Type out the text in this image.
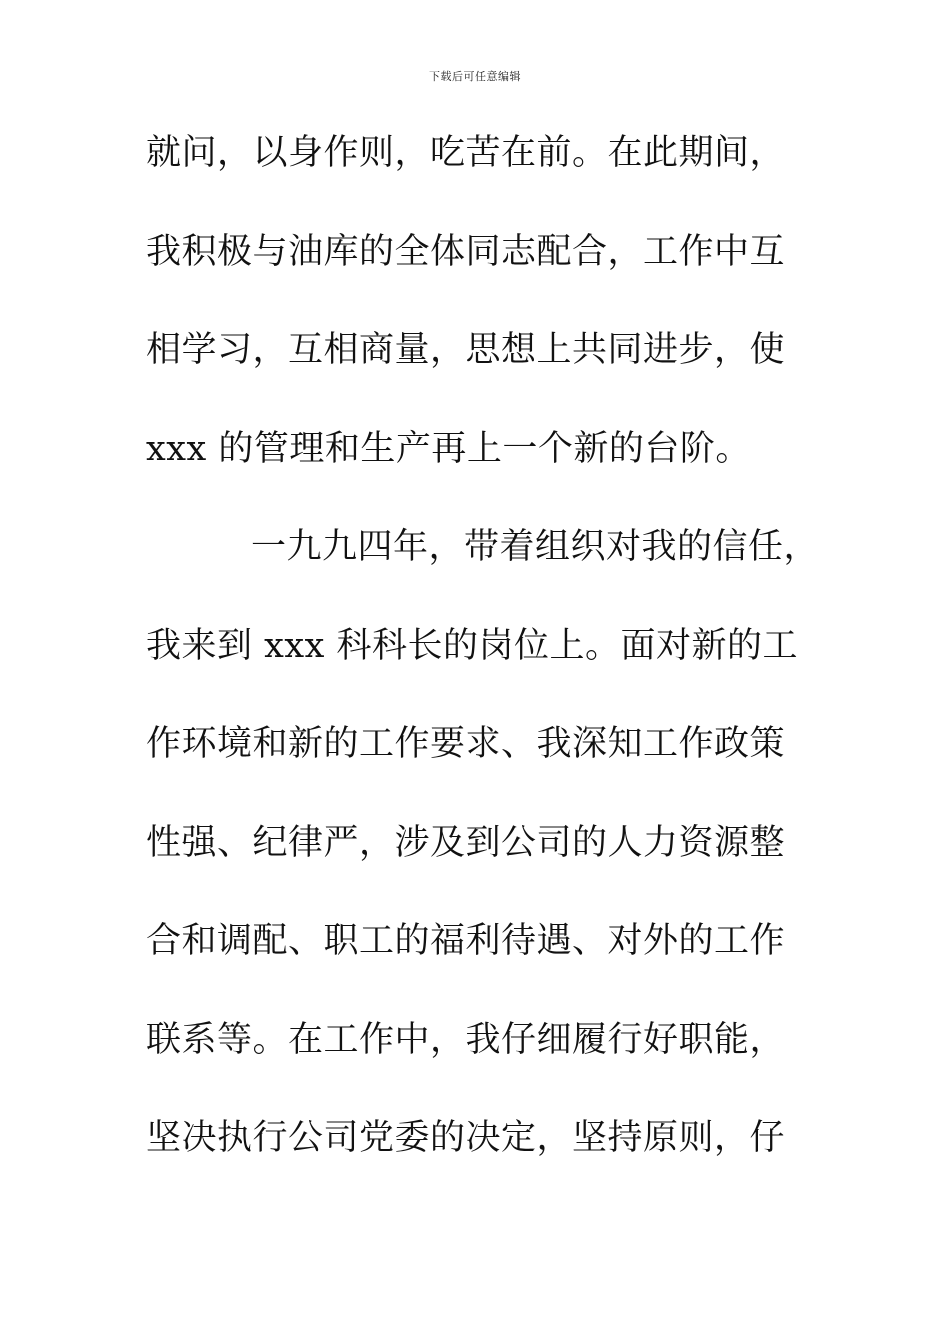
下载后可任意编辑
就问，以身作则，吃苦在前。在此期间，
我积极与油库的全体同志配合，工作中互
相学习，互相商量，思想上共同进步，使
xxx 的管理和生产再上一个新的台阶。
一九九四年，带着组织对我的信任，
我来到 xxx 科科长的岗位上。面对新的工
作环境和新的工作要求、我深知工作政策
性强、纪律严，涉及到公司的人力资源整
合和调配、职工的福利待遇、对外的工作
联系等。在工作中，我仔细履行好职能，
坚决执行公司党委的决定，坚持原则，仔
